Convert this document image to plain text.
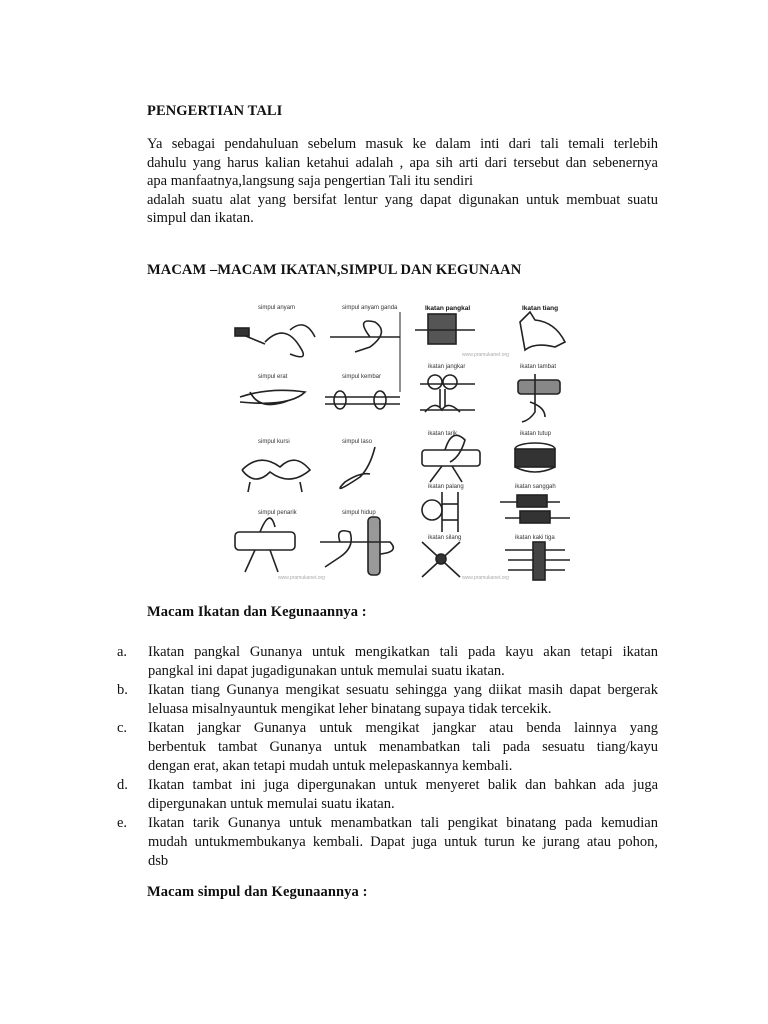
PENGERTIAN TALI
Ya sebagai pendahuluan sebelum masuk ke dalam inti dari tali temali terlebih
dahulu yang harus kalian ketahui adalah , apa sih arti dari tersebut dan sebenernya
apa manfaatnya,langsung saja pengertian Tali itu sendiri
adalah suatu alat yang bersifat lentur yang dapat digunakan untuk membuat suatu
simpul dan ikatan.
MACAM –MACAM IKATAN,SIMPUL DAN KEGUNAAN
simpul anyam	simpul anyam ganda
simpul erat	simpul kembar
simpul kursi	simpul laso
simpul penarik	simpul hidup
Ikatan pangkal	Ikatan tiang
ikatan jangkar	ikatan tambat
ikatan tarik	ikatan tutup
ikatan palang	ikatan sanggah
ikatan silang	ikatan kaki tiga
www.pramukanet.org
www.pramukanet.org	www.pramukanet.org
Macam Ikatan dan Kegunaannya :
a. Ikatan pangkal Gunanya untuk mengikatkan tali pada kayu akan tetapi ikatan
pangkal ini dapat jugadigunakan untuk memulai suatu ikatan.
b. Ikatan tiang Gunanya mengikat sesuatu sehingga yang diikat masih dapat bergerak
leluasa misalnyauntuk mengikat leher binatang supaya tidak tercekik.
c. Ikatan jangkar Gunanya untuk mengikat jangkar atau benda lainnya yang
berbentuk tambat Gunanya untuk menambatkan tali pada sesuatu tiang/kayu
dengan erat, akan tetapi mudah untuk melepaskannya kembali.
d. Ikatan tambat ini juga dipergunakan untuk menyeret balik dan bahkan ada juga
dipergunakan untuk memulai suatu ikatan.
e. Ikatan tarik Gunanya untuk menambatkan tali pengikat binatang pada kemudian
mudah untukmembukanya kembali. Dapat juga untuk turun ke jurang atau pohon,
dsb
Macam simpul dan Kegunaannya :
